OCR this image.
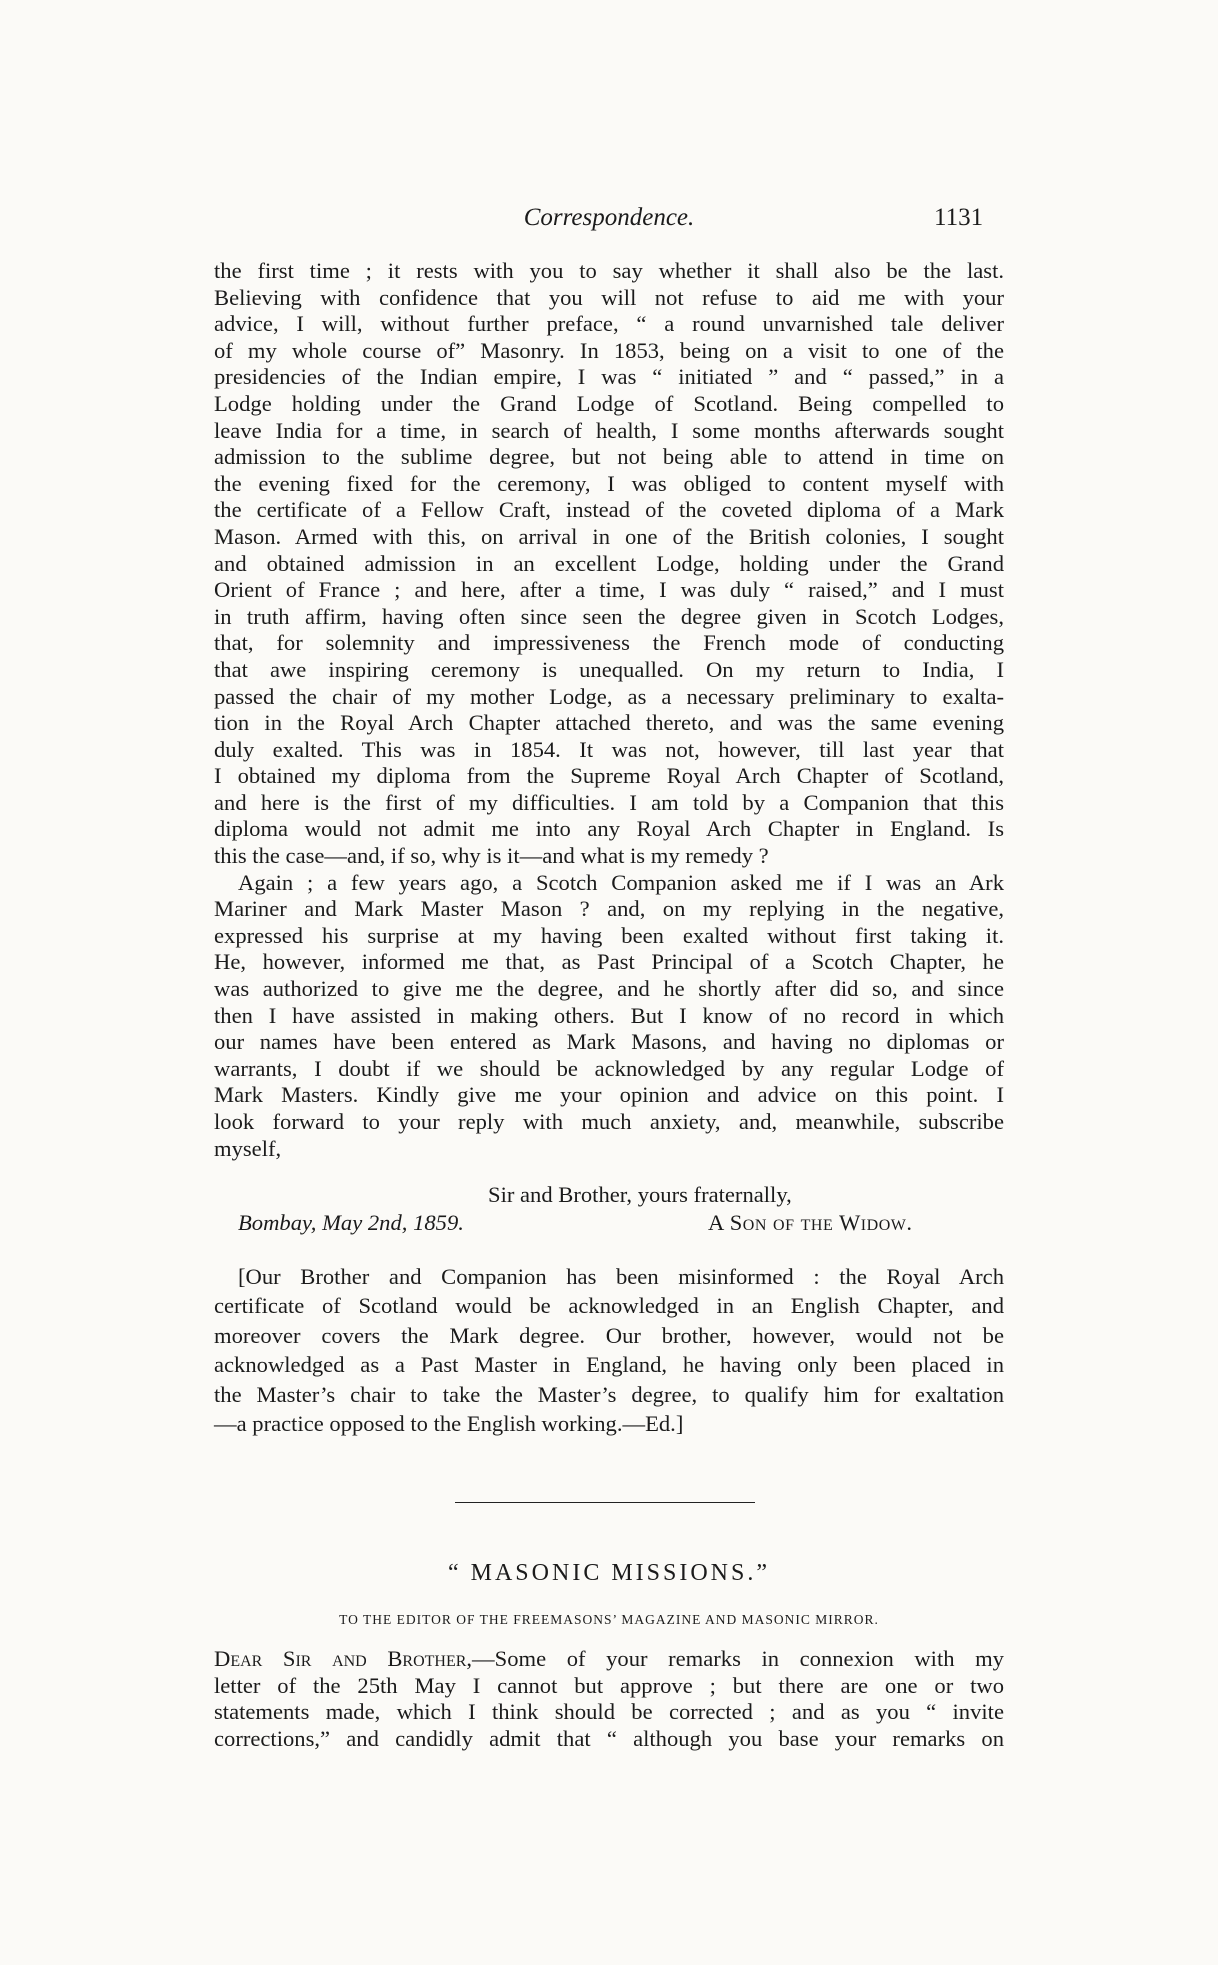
Correspondence.	1131
the first time ; it rests with you to say whether it shall also be the last.
Believing with confidence that you will not refuse to aid me with your
advice, I will, without further preface, “ a round unvarnished tale deliver
of my whole course of” Masonry. In 1853, being on a visit to one of the
presidencies of the Indian empire, I was “ initiated ” and “ passed,” in a
Lodge holding under the Grand Lodge of Scotland. Being compelled to
leave India for a time, in search of health, I some months afterwards sought
admission to the sublime degree, but not being able to attend in time on
the evening fixed for the ceremony, I was obliged to content myself with
the certificate of a Fellow Craft, instead of the coveted diploma of a Mark
Mason. Armed with this, on arrival in one of the British colonies, I sought
and obtained admission in an excellent Lodge, holding under the Grand
Orient of France ; and here, after a time, I was duly “ raised,” and I must
in truth affirm, having often since seen the degree given in Scotch Lodges,
that, for solemnity and impressiveness the French mode of conducting
that awe inspiring ceremony is unequalled. On my return to India, I
passed the chair of my mother Lodge, as a necessary preliminary to exalta-
tion in the Royal Arch Chapter attached thereto, and was the same evening
duly exalted. This was in 1854. It was not, however, till last year that
I obtained my diploma from the Supreme Royal Arch Chapter of Scotland,
and here is the first of my difficulties. I am told by a Companion that this
diploma would not admit me into any Royal Arch Chapter in England. Is
this the case—and, if so, why is it—and what is my remedy ?
Again ; a few years ago, a Scotch Companion asked me if I was an Ark
Mariner and Mark Master Mason ? and, on my replying in the negative,
expressed his surprise at my having been exalted without first taking it.
He, however, informed me that, as Past Principal of a Scotch Chapter, he
was authorized to give me the degree, and he shortly after did so, and since
then I have assisted in making others. But I know of no record in which
our names have been entered as Mark Masons, and having no diplomas or
warrants, I doubt if we should be acknowledged by any regular Lodge of
Mark Masters. Kindly give me your opinion and advice on this point. I
look forward to your reply with much anxiety, and, meanwhile, subscribe
myself,
Sir and Brother, yours fraternally,
Bombay, May 2nd, 1859.	A Son of the Widow.
[Our Brother and Companion has been misinformed : the Royal Arch
certificate of Scotland would be acknowledged in an English Chapter, and
moreover covers the Mark degree. Our brother, however, would not be
acknowledged as a Past Master in England, he having only been placed in
the Master’s chair to take the Master’s degree, to qualify him for exaltation
—a practice opposed to the English working.—Ed.]
“ MASONIC MISSIONS.”
TO THE EDITOR OF THE FREEMASONS’ MAGAZINE AND MASONIC MIRROR.
Dear Sir and Brother,—Some of your remarks in connexion with my
letter of the 25th May I cannot but approve ; but there are one or two
statements made, which I think should be corrected ; and as you “ invite
corrections,” and candidly admit that “ although you base your remarks on
